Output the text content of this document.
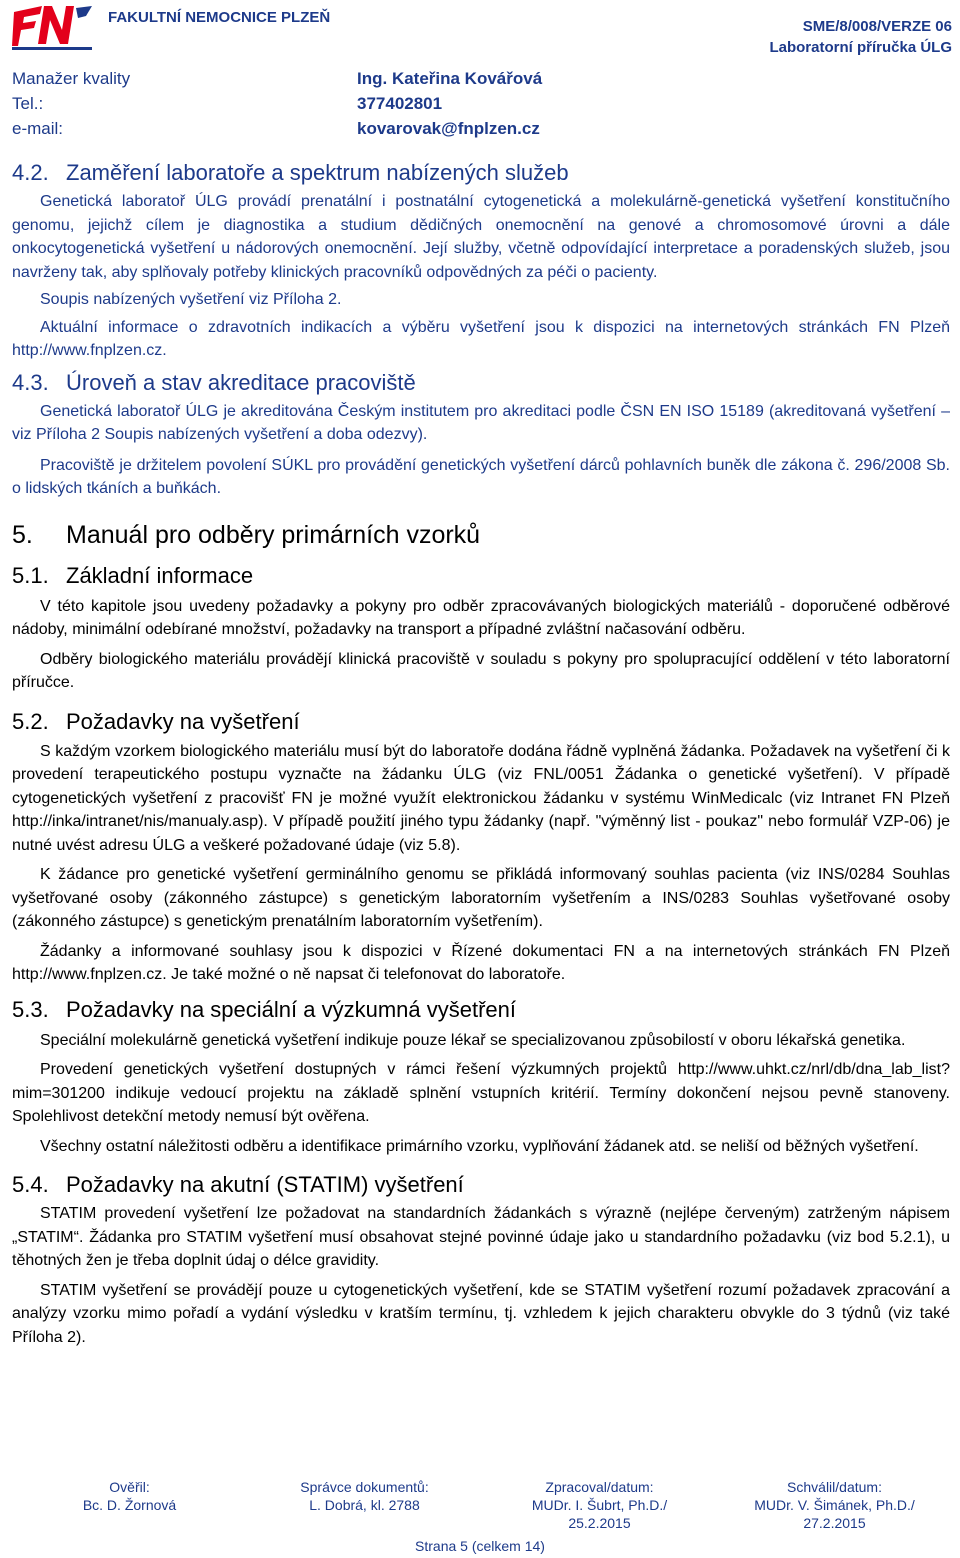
FAKULTNÍ NEMOCNICE PLZEŇ
SME/8/008/VERZE 06
Laboratorní příručka ÚLG
Manažer kvality	Ing. Kateřina Kovářová
Tel.:	377402801
e-mail:	kovarovak@fnplzen.cz
4.2. Zaměření laboratoře a spektrum nabízených služeb

Genetická laboratoř ÚLG provádí prenatální i postnatální cytogenetická a molekulárně-genetická vyšetření konstitučního genomu, jejichž cílem je diagnostika a studium dědičných onemocnění na genové a chromosomové úrovni a dále onkocytogenetická vyšetření u nádorových onemocnění. Její služby, včetně odpovídající interpretace a poradenských služeb, jsou navrženy tak, aby splňovaly potřeby klinických pracovníků odpovědných za péči o pacienty.

Soupis nabízených vyšetření viz Příloha 2.

Aktuální informace o zdravotních indikacích a výběru vyšetření jsou k dispozici na internetových stránkách FN Plzeň http://www.fnplzen.cz.

4.3. Úroveň a stav akreditace pracoviště

Genetická laboratoř ÚLG je akreditována Českým institutem pro akreditaci podle ČSN EN ISO 15189 (akreditovaná vyšetření – viz Příloha 2 Soupis nabízených vyšetření a doba odezvy).

Pracoviště je držitelem povolení SÚKL pro provádění genetických vyšetření dárců pohlavních buněk dle zákona č. 296/2008 Sb. o lidských tkáních a buňkách.

5. Manuál pro odběry primárních vzorků
5.1. Základní informace

V této kapitole jsou uvedeny požadavky a pokyny pro odběr zpracovávaných biologických materiálů - doporučené odběrové nádoby, minimální odebírané množství, požadavky na transport a případné zvláštní načasování odběru.

Odběry biologického materiálu provádějí klinická pracoviště v souladu s pokyny pro spolupracující oddělení v této laboratorní příručce.

5.2. Požadavky na vyšetření

S každým vzorkem biologického materiálu musí být do laboratoře dodána řádně vyplněná žádanka. Požadavek na vyšetření či k provedení terapeutického postupu vyznačte na žádanku ÚLG (viz FNL/0051 Žádanka o genetické vyšetření). V případě cytogenetických vyšetření z pracovišť FN je možné využít elektronickou žádanku v systému WinMedicalc (viz Intranet FN Plzeň http://inka/intranet/nis/manualy.asp). V případě použití jiného typu žádanky (např. "výměnný list - poukaz" nebo formulář VZP-06) je nutné uvést adresu ÚLG a veškeré požadované údaje (viz 5.8).

K žádance pro genetické vyšetření germinálního genomu se přikládá informovaný souhlas pacienta (viz INS/0284 Souhlas vyšetřované osoby (zákonného zástupce) s genetickým laboratorním vyšetřením a INS/0283 Souhlas vyšetřované osoby (zákonného zástupce) s genetickým prenatálním laboratorním vyšetřením).

Žádanky a informované souhlasy jsou k dispozici v Řízené dokumentaci FN a na internetových stránkách FN Plzeň http://www.fnplzen.cz. Je také možné o ně napsat či telefonovat do laboratoře.

5.3. Požadavky na speciální a výzkumná vyšetření

Speciální molekulárně genetická vyšetření indikuje pouze lékař se specializovanou způsobilostí v oboru lékařská genetika.

Provedení genetických vyšetření dostupných v rámci řešení výzkumných projektů http://www.uhkt.cz/nrl/db/dna_lab_list?mim=301200 indikuje vedoucí projektu na základě splnění vstupních kritérií. Termíny dokončení nejsou pevně stanoveny. Spolehlivost detekční metody nemusí být ověřena.

Všechny ostatní náležitosti odběru a identifikace primárního vzorku, vyplňování žádanek atd. se neliší od běžných vyšetření.

5.4. Požadavky na akutní (STATIM) vyšetření

STATIM provedení vyšetření lze požadovat na standardních žádankách s výrazně (nejlépe červeným) zatrženým nápisem „STATIM“. Žádanka pro STATIM vyšetření musí obsahovat stejné povinné údaje jako u standardního požadavku (viz bod 5.2.1), u těhotných žen je třeba doplnit údaj o délce gravidity.

STATIM vyšetření se provádějí pouze u cytogenetických vyšetření, kde se STATIM vyšetření rozumí požadavek zpracování a analýzy vzorku mimo pořadí a vydání výsledku v kratším termínu, tj. vzhledem k jejich charakteru obvykle do 3 týdnů (viz také Příloha 2).

Ověřil:
Bc. D. Žornová
Správce dokumentů:
L. Dobrá, kl. 2788
Zpracoval/datum:
MUDr. I. Šubrt, Ph.D./
25.2.2015
Schválil/datum:
MUDr. V. Šimánek, Ph.D./
27.2.2015
Strana 5 (celkem 14)
